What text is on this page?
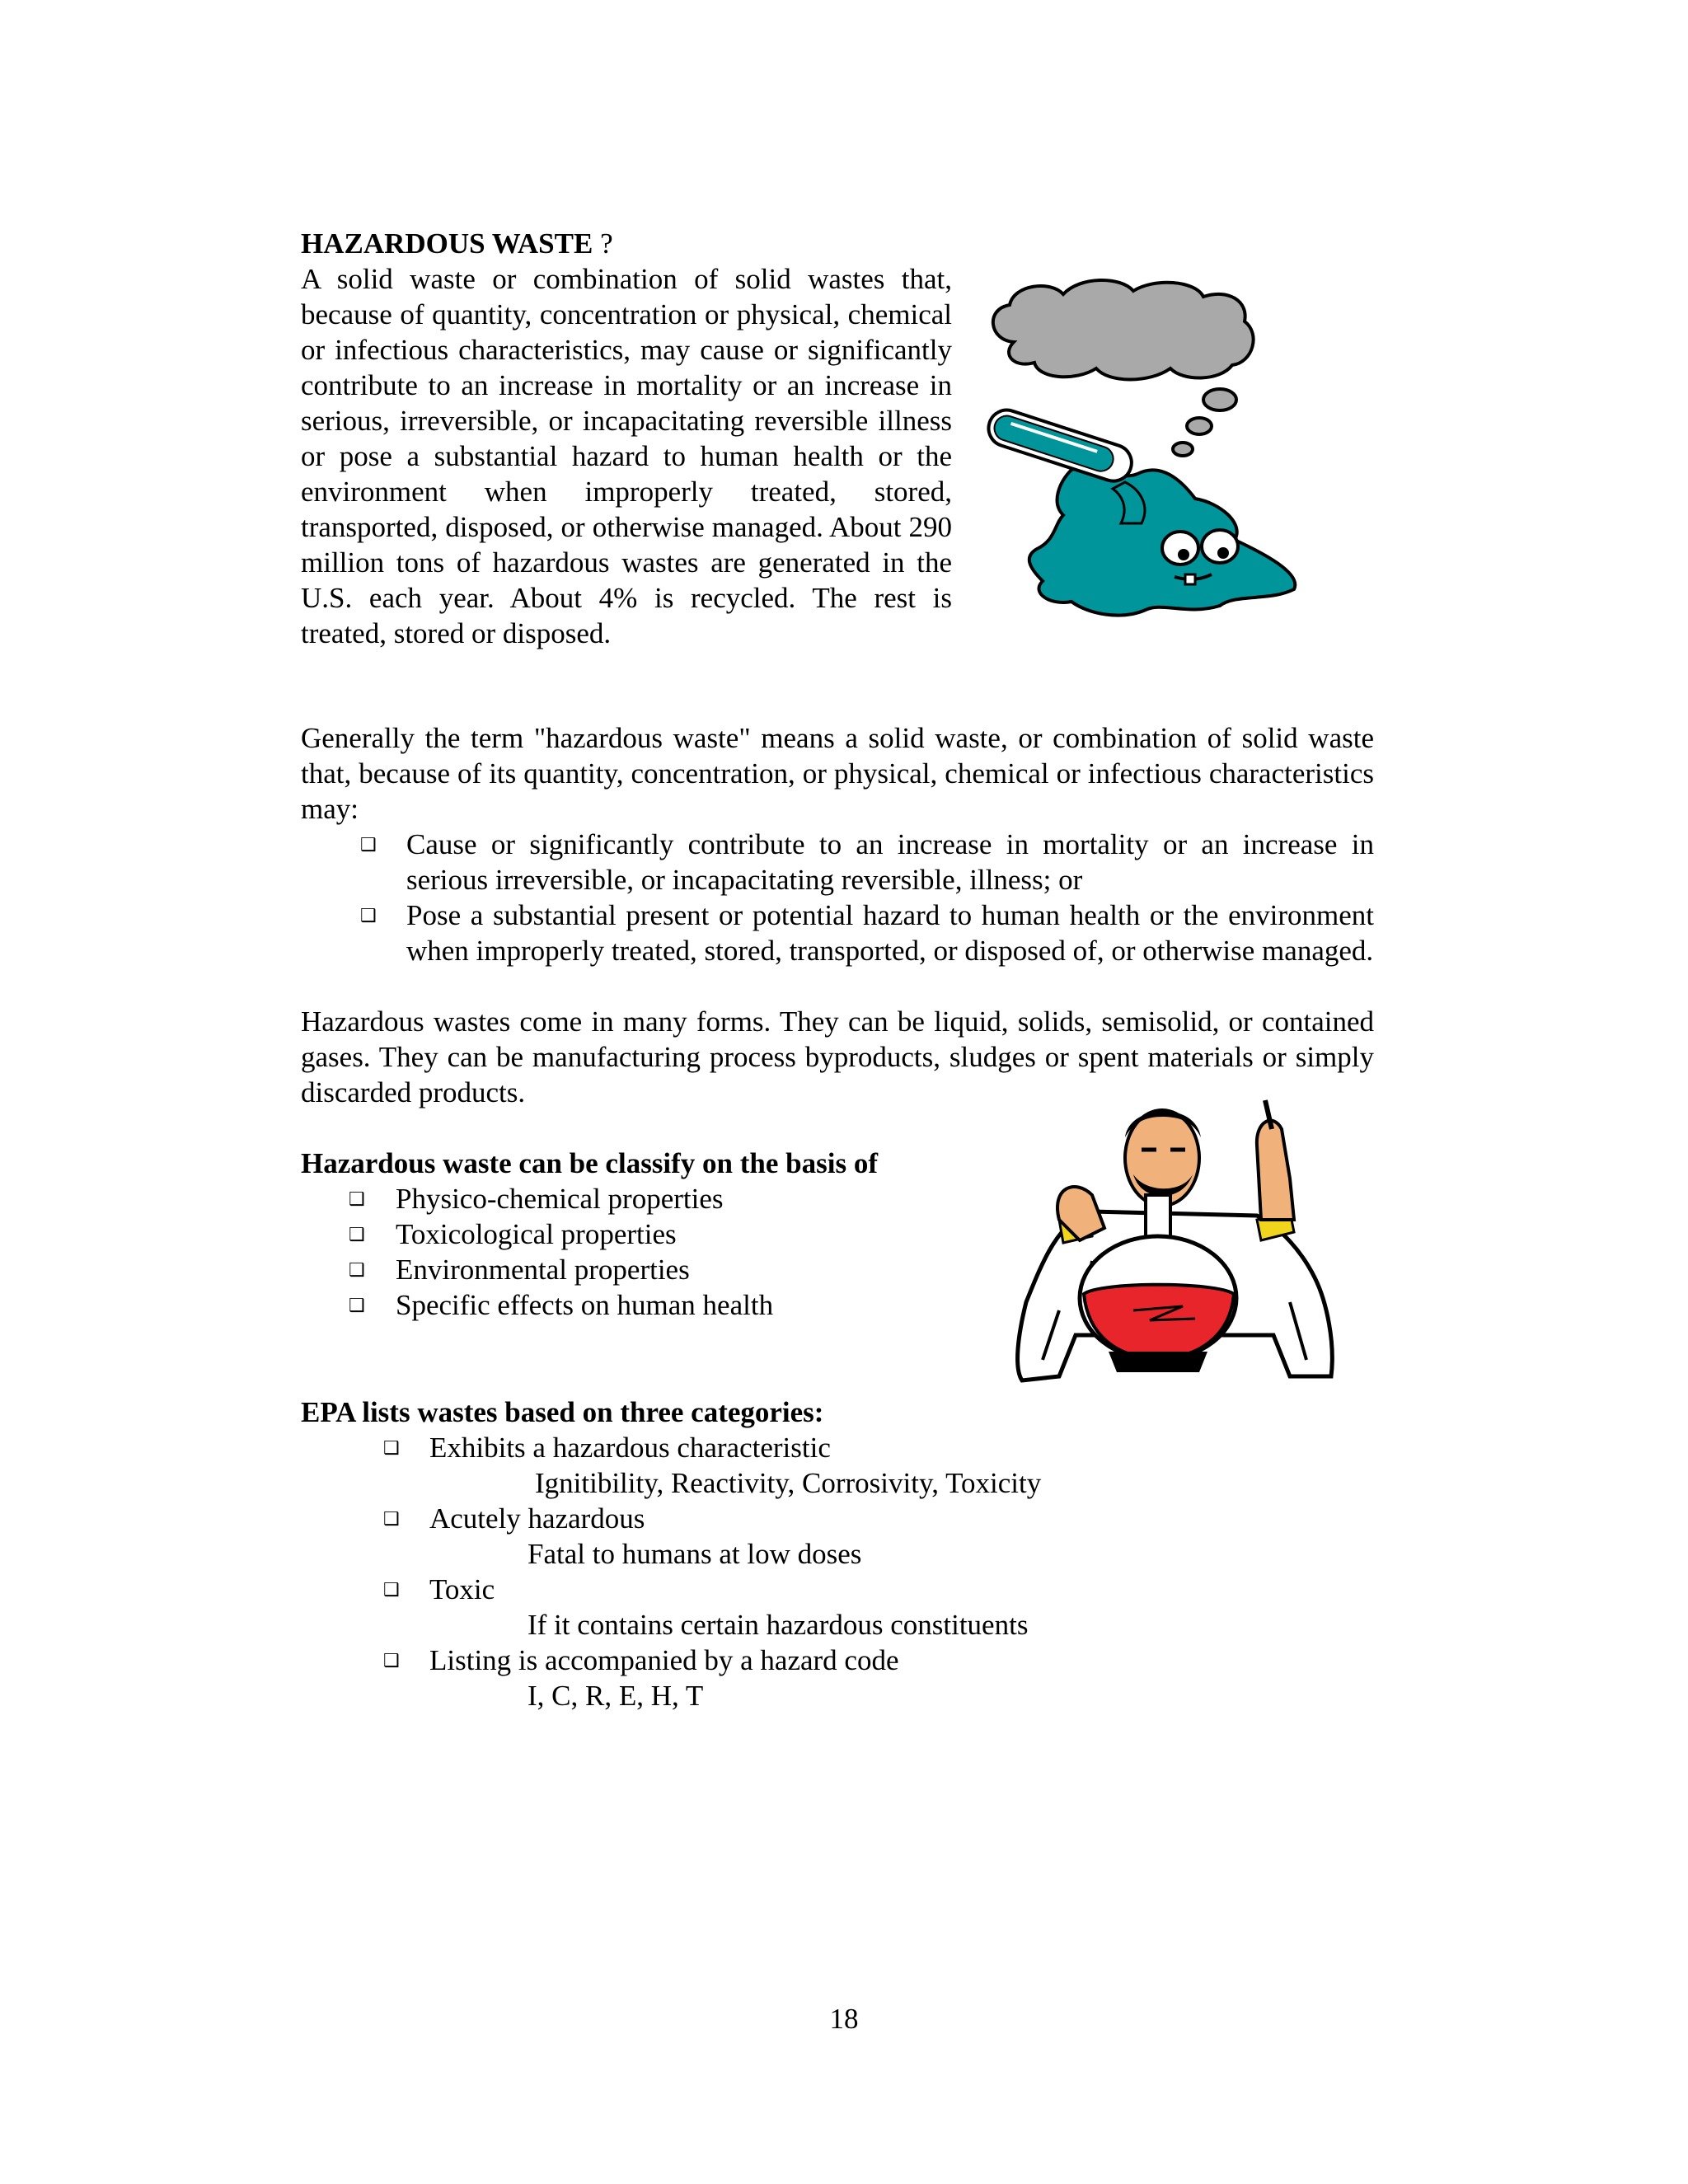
HAZARDOUS WASTE ?

A solid waste or combination of solid wastes that, because of quantity, concentration or physical, chemical or infectious characteristics, may cause or significantly contribute to an increase in mortality or an increase in serious, irreversible, or incapacitating reversible illness or pose a substantial hazard to human health or the environment when improperly treated, stored, transported, disposed, or otherwise managed. About 290 million tons of hazardous wastes are generated in the U.S. each year. About 4% is recycled. The rest is treated, stored or disposed.

Generally the term "hazardous waste" means a solid waste, or combination of solid waste that, because of its quantity, concentration, or physical, chemical or infectious characteristics may:

❑ Cause or significantly contribute to an increase in mortality or an increase in serious irreversible, or incapacitating reversible, illness; or

❑ Pose a substantial present or potential hazard to human health or the environment when improperly treated, stored, transported, or disposed of, or otherwise managed.

Hazardous wastes come in many forms. They can be liquid, solids, semisolid, or contained gases. They can be manufacturing process byproducts, sludges or spent materials or simply discarded products.

Hazardous waste can be classify on the basis of

❑ Physico-chemical properties
❑ Toxicological properties
❑ Environmental properties
❑ Specific effects on human health

EPA lists wastes based on three categories:

❑ Exhibits a hazardous characteristic
Ignitibility, Reactivity, Corrosivity, Toxicity
❑ Acutely hazardous
Fatal to humans at low doses
❑ Toxic
If it contains certain hazardous constituents
❑ Listing is accompanied by a hazard code
I, C, R, E, H, T
18
